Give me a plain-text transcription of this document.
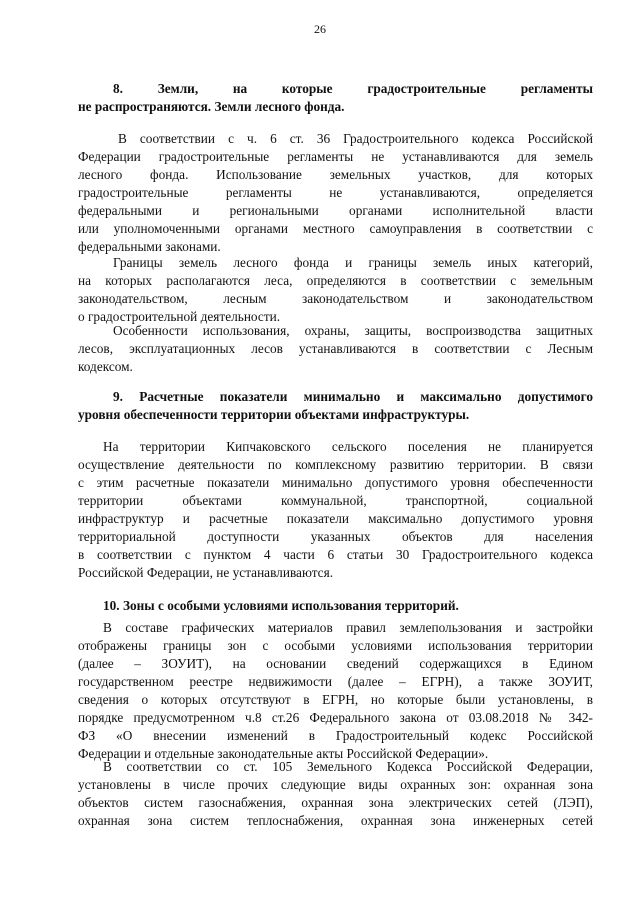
26
8. Земли, на которые градостроительные регламенты
не распространяются. Земли лесного фонда.
В соответствии с ч. 6 ст. 36 Градостроительного кодекса Российской
Федерации градостроительные регламенты не устанавливаются для земель
лесного фонда. Использование земельных участков, для которых
градостроительные регламенты не устанавливаются, определяется
федеральными и региональными органами исполнительной власти
или уполномоченными органами местного самоуправления в соответствии с
федеральными законами.
Границы земель лесного фонда и границы земель иных категорий,
на которых располагаются леса, определяются в соответствии с земельным
законодательством, лесным законодательством и законодательством
о градостроительной деятельности.
Особенности использования, охраны, защиты, воспроизводства защитных
лесов, эксплуатационных лесов устанавливаются в соответствии с Лесным
кодексом.
9. Расчетные показатели минимально и максимально допустимого
уровня обеспеченности территории объектами инфраструктуры.
На территории Кипчаковского сельского поселения не планируется
осуществление деятельности по комплексному развитию территории. В связи
с этим расчетные показатели минимально допустимого уровня обеспеченности
территории объектами коммунальной, транспортной, социальной
инфраструктур и расчетные показатели максимально допустимого уровня
территориальной доступности указанных объектов для населения
в соответствии с пунктом 4 части 6 статьи 30 Градостроительного кодекса
Российской Федерации, не устанавливаются.
10. Зоны с особыми условиями использования территорий.
В составе графических материалов правил землепользования и застройки
отображены границы зон с особыми условиями использования территории
(далее – ЗОУИТ), на основании сведений содержащихся в Едином
государственном реестре недвижимости (далее – ЕГРН), а также ЗОУИТ,
сведения о которых отсутствуют в ЕГРН, но которые были установлены, в
порядке предусмотренном ч.8 ст.26 Федерального закона от 03.08.2018 № 342-
ФЗ «О внесении изменений в Градостроительный кодекс Российской
Федерации и отдельные законодательные акты Российской Федерации».
В соответствии со ст. 105 Земельного Кодекса Российской Федерации,
установлены в числе прочих следующие виды охранных зон: охранная зона
объектов систем газоснабжения, охранная зона электрических сетей (ЛЭП),
охранная зона систем теплоснабжения, охранная зона инженерных сетей
